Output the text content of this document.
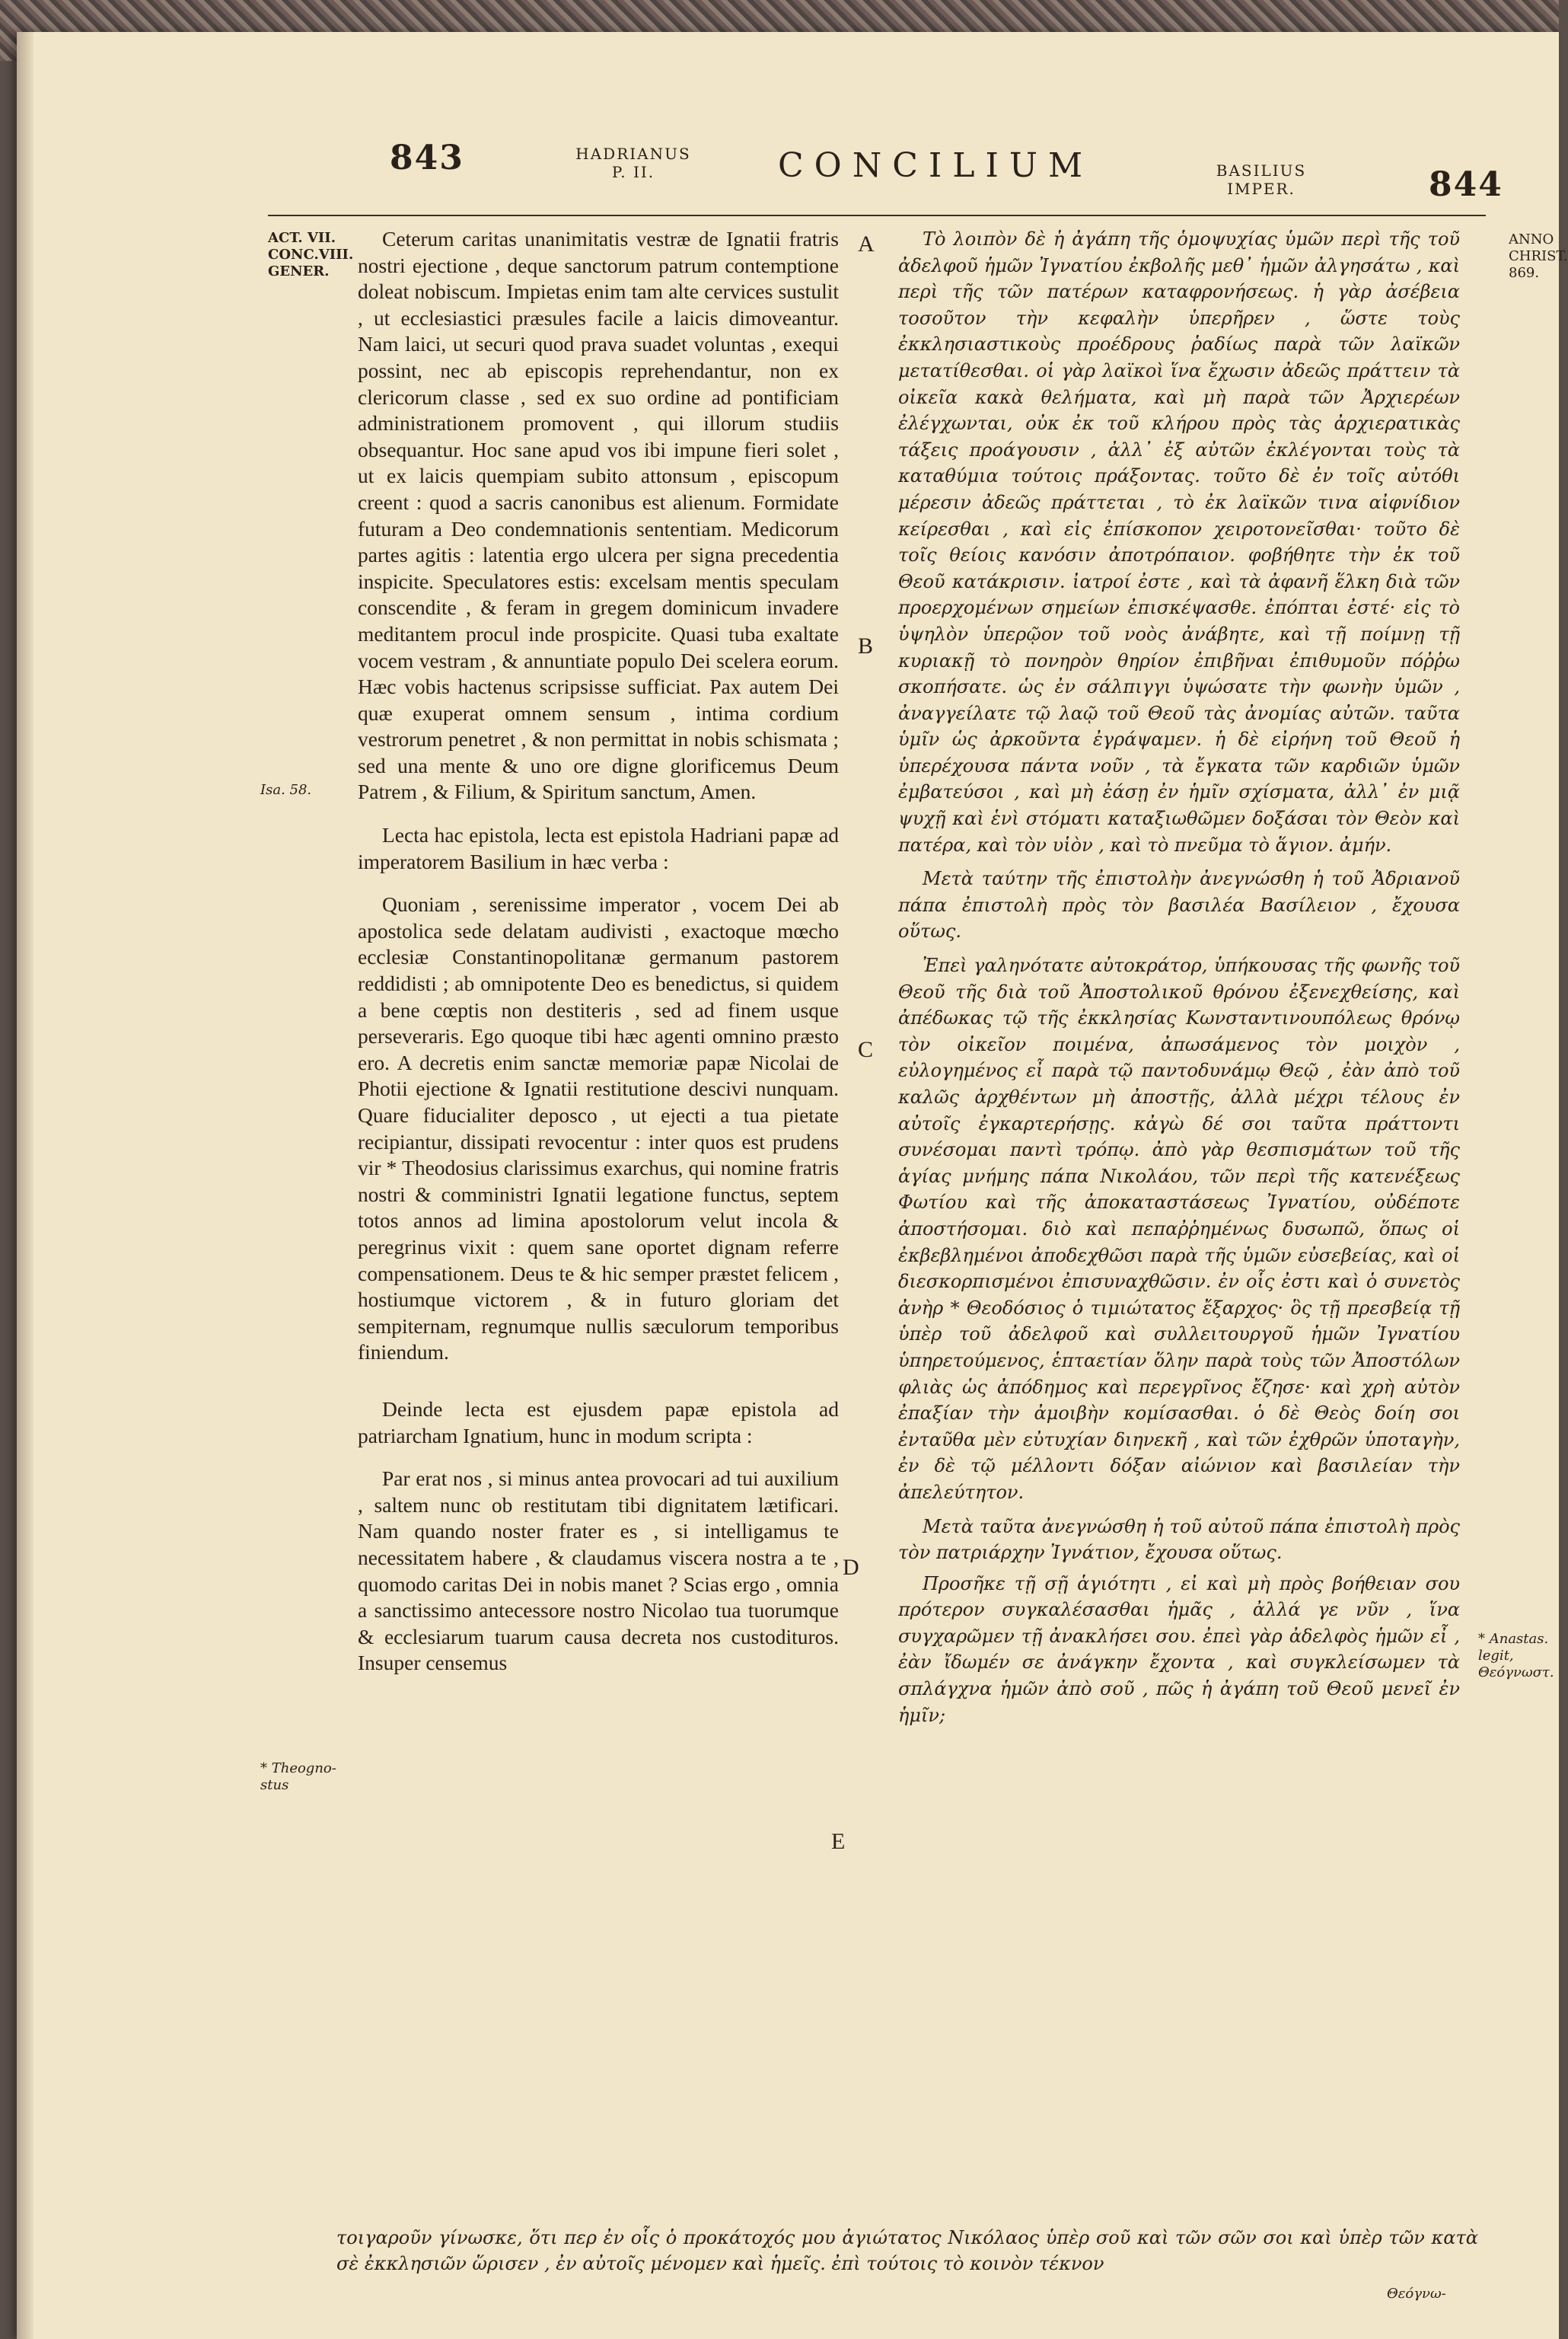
843	HADRIANUS
P. II.	CONCILIUM	BASILIUS
IMPER.	844
ACT. VII.
CONC.VIII.
GENER.
Isa. 58.
* Theogno-
stus
ANNO
CHRIST.
869.
* Anastas.
legit,
Θεόγνωστ.
A
B
C
D
E

Ceterum caritas unanimitatis vestræ de Ignatii fratris nostri ejectione , deque sanctorum patrum contemptione doleat nobiscum. Impietas enim tam alte cervices sustulit , ut ecclesiastici præsules facile a laicis dimoveantur. Nam laici, ut securi quod prava suadet voluntas , exequi possint, nec ab episcopis reprehendantur, non ex clericorum classe , sed ex suo ordine ad pontificiam administrationem promovent , qui illorum studiis obsequantur. Hoc sane apud vos ibi impune fieri solet , ut ex laicis quempiam subito attonsum , episcopum creent : quod a sacris canonibus est alienum. Formidate futuram a Deo condemnationis sententiam. Medicorum partes agitis : latentia ergo ulcera per signa precedentia inspicite. Speculatores estis: excelsam mentis speculam conscendite , & feram in gregem dominicum invadere meditantem procul inde prospicite. Quasi tuba exaltate vocem vestram , & annuntiate populo Dei scelera eorum. Hæc vobis hactenus scripsisse sufficiat. Pax autem Dei quæ exuperat omnem sensum , intima cordium vestrorum penetret , & non permittat in nobis schismata ; sed una mente & uno ore digne glorificemus Deum Patrem , & Filium, & Spiritum sanctum, Amen.

Lecta hac epistola, lecta est epistola Hadriani papæ ad imperatorem Basilium in hæc verba :

Quoniam , serenissime imperator , vocem Dei ab apostolica sede delatam audivisti , exactoque mœcho ecclesiæ Constantinopolitanæ germanum pastorem reddidisti ; ab omnipotente Deo es benedictus, si quidem a bene cœptis non destiteris , sed ad finem usque perseveraris. Ego quoque tibi hæc agenti omnino præsto ero. A decretis enim sanctæ memoriæ papæ Nicolai de Photii ejectione & Ignatii restitutione descivi nunquam. Quare fiducialiter deposco , ut ejecti a tua pietate recipiantur, dissipati revocentur : inter quos est prudens vir * Theodosius clarissimus exarchus, qui nomine fratris nostri & comministri Ignatii legatione functus, septem totos annos ad limina apostolorum velut incola & peregrinus vixit : quem sane oportet dignam referre compensationem. Deus te & hic semper præstet felicem , hostiumque victorem , & in futuro gloriam det sempiternam, regnumque nullis sæculorum temporibus finiendum.

Deinde lecta est ejusdem papæ epistola ad patriarcham Ignatium, hunc in modum scripta :

Par erat nos , si minus antea provocari ad tui auxilium , saltem nunc ob restitutam tibi dignitatem lætificari. Nam quando noster frater es , si intelligamus te necessitatem habere , & claudamus viscera nostra a te , quomodo caritas Dei in nobis manet ? Scias ergo , omnia a sanctissimo antecessore nostro Nicolao tua tuorumque & ecclesiarum tuarum causa decreta nos custodituros. Insuper censemus

Τὸ λοιπὸν δὲ ἡ ἀγάπη τῆς ὁμοψυχίας ὑμῶν περὶ τῆς τοῦ ἀδελφοῦ ἡμῶν Ἰγνατίου ἐκβολῆς μεθ᾽ ἡμῶν ἀλγησάτω , καὶ περὶ τῆς τῶν πατέρων καταφρονήσεως. ἡ γὰρ ἀσέβεια τοσοῦτον τὴν κεφαλὴν ὑπερῆρεν , ὥστε τοὺς ἐκκλησιαστικοὺς προέδρους ῥαδίως παρὰ τῶν λαϊκῶν μετατίθεσθαι. οἱ γὰρ λαϊκοὶ ἵνα ἔχωσιν ἀδεῶς πράττειν τὰ οἰκεῖα κακὰ θελήματα, καὶ μὴ παρὰ τῶν Ἀρχιερέων ἐλέγχωνται, οὐκ ἐκ τοῦ κλήρου πρὸς τὰς ἀρχιερατικὰς τάξεις προάγουσιν , ἀλλ᾽ ἐξ αὐτῶν ἐκλέγονται τοὺς τὰ καταθύμια τούτοις πράξοντας. τοῦτο δὲ ἐν τοῖς αὐτόθι μέρεσιν ἀδεῶς πράττεται , τὸ ἐκ λαϊκῶν τινα αἰφνίδιον κείρεσθαι , καὶ εἰς ἐπίσκοπον χειροτονεῖσθαι· τοῦτο δὲ τοῖς θείοις κανόσιν ἀποτρόπαιον. φοβήθητε τὴν ἐκ τοῦ Θεοῦ κατάκρισιν. ἰατροί ἐστε , καὶ τὰ ἀφανῆ ἕλκη διὰ τῶν προερχομένων σημείων ἐπισκέψασθε. ἐπόπται ἐστέ· εἰς τὸ ὑψηλὸν ὑπερῷον τοῦ νοὸς ἀνάβητε, καὶ τῇ ποίμνῃ τῇ κυριακῇ τὸ πονηρὸν θηρίον ἐπιβῆναι ἐπιθυμοῦν πόῤῥω σκοπήσατε. ὡς ἐν σάλπιγγι ὑψώσατε τὴν φωνὴν ὑμῶν , ἀναγγείλατε τῷ λαῷ τοῦ Θεοῦ τὰς ἀνομίας αὐτῶν. ταῦτα ὑμῖν ὡς ἀρκοῦντα ἐγράψαμεν. ἡ δὲ εἰρήνη τοῦ Θεοῦ ἡ ὑπερέχουσα πάντα νοῦν , τὰ ἔγκατα τῶν καρδιῶν ὑμῶν ἐμβατεύσοι , καὶ μὴ ἐάσῃ ἐν ἡμῖν σχίσματα, ἀλλ᾽ ἐν μιᾷ ψυχῇ καὶ ἑνὶ στόματι καταξιωθῶμεν δοξάσαι τὸν Θεὸν καὶ πατέρα, καὶ τὸν υἱὸν , καὶ τὸ πνεῦμα τὸ ἅγιον. ἀμήν.

Μετὰ ταύτην τῆς ἐπιστολὴν ἀνεγνώσθη ἡ τοῦ Ἀδριανοῦ πάπα ἐπιστολὴ πρὸς τὸν βασιλέα Βασίλειον , ἔχουσα οὕτως.

Ἐπεὶ γαληνότατε αὐτοκράτορ, ὑπήκουσας τῆς φωνῆς τοῦ Θεοῦ τῆς διὰ τοῦ Ἀποστολικοῦ θρόνου ἐξενεχθείσης, καὶ ἀπέδωκας τῷ τῆς ἐκκλησίας Κωνσταντινουπόλεως θρόνῳ τὸν οἰκεῖον ποιμένα, ἀπωσάμενος τὸν μοιχὸν , εὐλογημένος εἶ παρὰ τῷ παντοδυνάμῳ Θεῷ , ἐὰν ἀπὸ τοῦ καλῶς ἀρχθέντων μὴ ἀποστῇς, ἀλλὰ μέχρι τέλους ἐν αὐτοῖς ἐγκαρτερήσῃς. κἀγὼ δέ σοι ταῦτα πράττοντι συνέσομαι παντὶ τρόπῳ. ἀπὸ γὰρ θεσπισμάτων τοῦ τῆς ἁγίας μνήμης πάπα Νικολάου, τῶν περὶ τῆς κατενέξεως Φωτίου καὶ τῆς ἀποκαταστάσεως Ἰγνατίου, οὐδέποτε ἀποστήσομαι. διὸ καὶ πεπαῤῥημένως δυσωπῶ, ὅπως οἱ ἐκβεβλημένοι ἀποδεχθῶσι παρὰ τῆς ὑμῶν εὐσεβείας, καὶ οἱ διεσκορπισμένοι ἐπισυναχθῶσιν. ἐν οἷς ἐστι καὶ ὁ συνετὸς ἀνὴρ * Θεοδόσιος ὁ τιμιώτατος ἔξαρχος· ὃς τῇ πρεσβείᾳ τῇ ὑπὲρ τοῦ ἀδελφοῦ καὶ συλλειτουργοῦ ἡμῶν Ἰγνατίου ὑπηρετούμενος, ἑπταετίαν ὅλην παρὰ τοὺς τῶν Ἀποστόλων φλιὰς ὡς ἀπόδημος καὶ περεγρῖνος ἔζησε· καὶ χρὴ αὐτὸν ἐπαξίαν τὴν ἀμοιβὴν κομίσασθαι. ὁ δὲ Θεὸς δοίη σοι ἐνταῦθα μὲν εὐτυχίαν διηνεκῆ , καὶ τῶν ἐχθρῶν ὑποταγὴν, ἐν δὲ τῷ μέλλοντι δόξαν αἰώνιον καὶ βασιλείαν τὴν ἀπελεύτητον.

Μετὰ ταῦτα ἀνεγνώσθη ἡ τοῦ αὐτοῦ πάπα ἐπιστολὴ πρὸς τὸν πατριάρχην Ἰγνάτιον, ἔχουσα οὕτως.

Προσῆκε τῇ σῇ ἁγιότητι , εἰ καὶ μὴ πρὸς βοήθειαν σου πρότερον συγκαλέσασθαι ἡμᾶς , ἀλλά γε νῦν , ἵνα συγχαρῶμεν τῇ ἀνακλήσει σου. ἐπεὶ γὰρ ἀδελφὸς ἡμῶν εἶ , ἐὰν ἴδωμέν σε ἀνάγκην ἔχοντα , καὶ συγκλείσωμεν τὰ σπλάγχνα ἡμῶν ἀπὸ σοῦ , πῶς ἡ ἀγάπη τοῦ Θεοῦ μενεῖ ἐν ἡμῖν;

τοιγαροῦν γίνωσκε, ὅτι περ ἐν οἷς ὁ προκάτοχός μου ἁγιώτατος Νικόλαος ὑπὲρ σοῦ καὶ τῶν σῶν σοι καὶ ὑπὲρ τῶν κατὰ σὲ ἐκκλησιῶν ὥρισεν , ἐν αὐτοῖς μένομεν καὶ ἡμεῖς. ἐπὶ τούτοις τὸ κοινὸν τέκνον
Θεόγνω-
